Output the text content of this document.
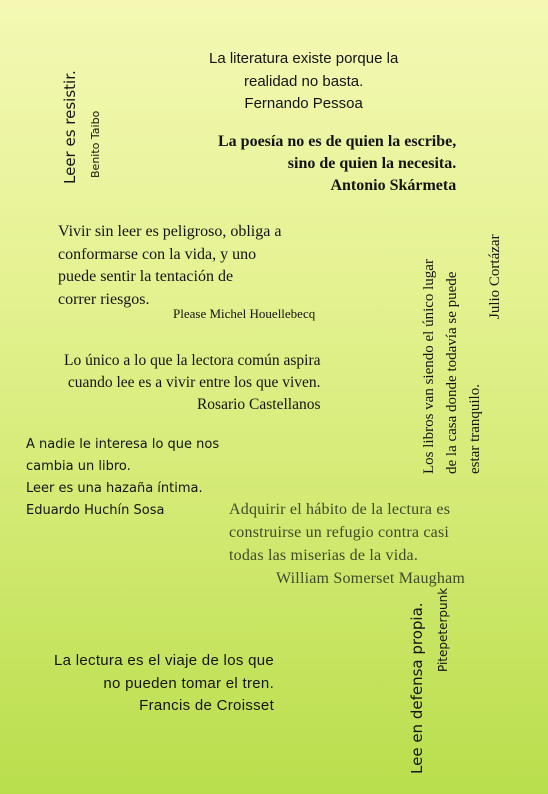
La literatura existe porque la
realidad no basta.
Fernando Pessoa
La poesía no es de quien la escribe,
sino de quien la necesita.
Antonio Skármeta
Leer es resistir. Benito Taibo
Vivir sin leer es peligroso, obliga a
conformarse con la vida, y uno
puede sentir la tentación de
correr riesgos.
Please Michel Houellebecq
Lo único a lo que la lectora común aspira
cuando lee es a vivir entre los que viven.
Rosario Castellanos
A nadie le interesa lo que nos
cambia un libro.
Leer es una hazaña íntima.
Eduardo Huchín Sosa
Los libros van siendo el único lugar de la casa donde todavía se puede estar tranquilo.
Julio Cortázar
Adquirir el hábito de la lectura es
construirse un refugio contra casi
todas las miserias de la vida.
William Somerset Maugham
Lee en defensa propia. Pitepeterpunk
La lectura es el viaje de los que
no pueden tomar el tren.
Francis de Croisset
